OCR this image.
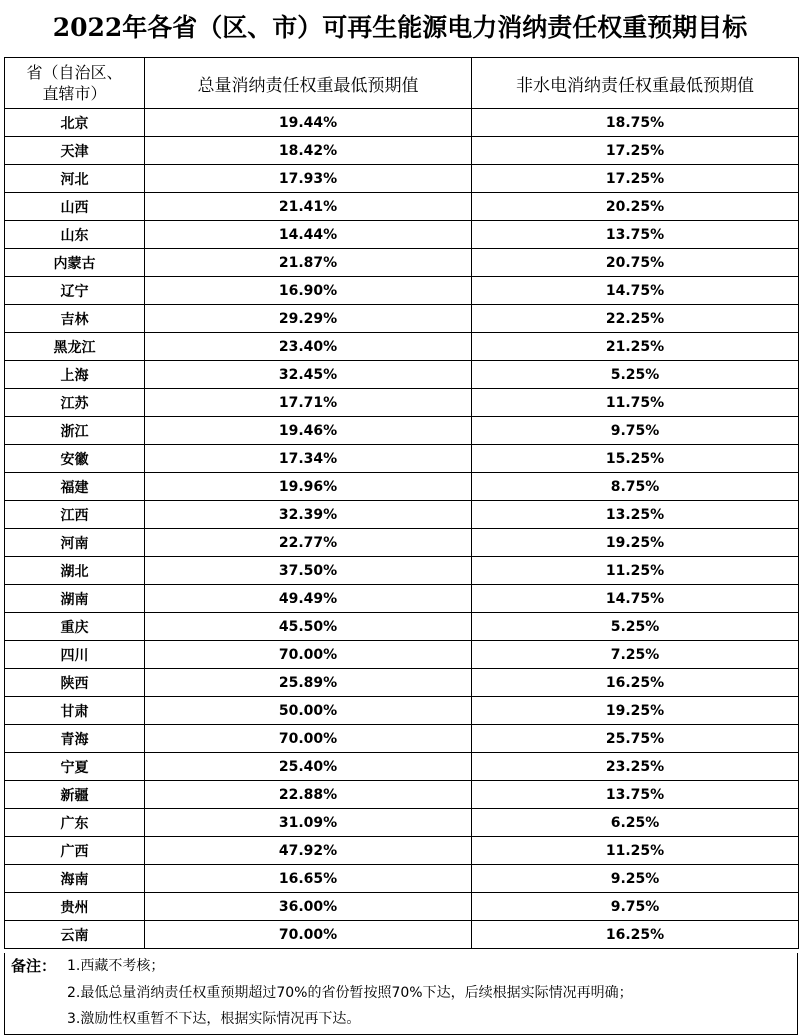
2022年各省（区、市）可再生能源电力消纳责任权重预期目标
省（自治区、
直辖市）	总量消纳责任权重最低预期值	非水电消纳责任权重最低预期值
北京	19.44%	18.75%
天津	18.42%	17.25%
河北	17.93%	17.25%
山西	21.41%	20.25%
山东	14.44%	13.75%
内蒙古	21.87%	20.75%
辽宁	16.90%	14.75%
吉林	29.29%	22.25%
黑龙江	23.40%	21.25%
上海	32.45%	5.25%
江苏	17.71%	11.75%
浙江	19.46%	9.75%
安徽	17.34%	15.25%
福建	19.96%	8.75%
江西	32.39%	13.25%
河南	22.77%	19.25%
湖北	37.50%	11.25%
湖南	49.49%	14.75%
重庆	45.50%	5.25%
四川	70.00%	7.25%
陕西	25.89%	16.25%
甘肃	50.00%	19.25%
青海	70.00%	25.75%
宁夏	25.40%	23.25%
新疆	22.88%	13.75%
广东	31.09%	6.25%
广西	47.92%	11.25%
海南	16.65%	9.25%
贵州	36.00%	9.75%
云南	70.00%	16.25%
备注： 1.西藏不考核；
2.最低总量消纳责任权重预期超过70%的省份暂按照70%下达，后续根据实际情况再明确；
3.激励性权重暂不下达，根据实际情况再下达。
